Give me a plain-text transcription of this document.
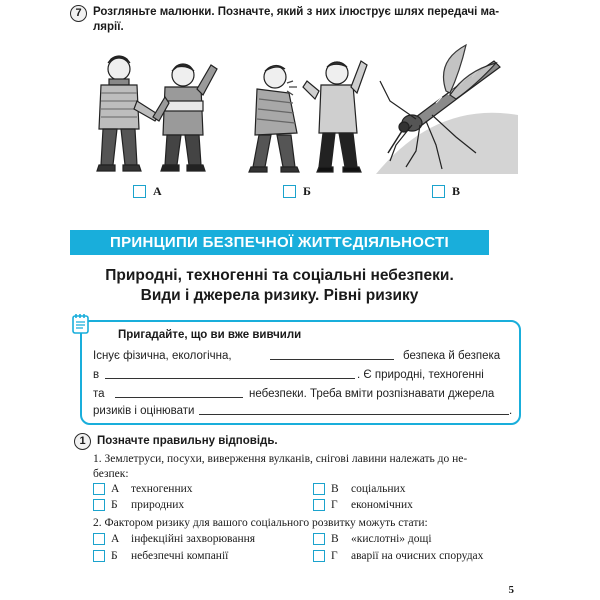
7 Розгляньте малюнки. Позначте, який з них ілюструє шлях передачі ма-
лярії.
А	Б	В
ПРИНЦИПИ БЕЗПЕЧНОЇ ЖИТТЄДІЯЛЬНОСТІ
Природні, техногенні та соціальні небезпеки.
Види і джерела ризику. Рівні ризику
Пригадайте, що ви вже вивчили
Існує фізична, екологічна,	безпека й безпека
в	. Є природні, техногенні
та	небезпеки. Треба вміти розпізнавати джерела
ризиків і оцінювати	.
1 Позначте правильну відповідь.
1. Землетруси, посухи, виверження вулканів, снігові лавини належать до не-
безпек:
А	техногенних
Б	природних
В	соціальних
Г	економічних
2. Фактором ризику для вашого соціального розвитку можуть стати:
А	інфекційні захворювання
Б	небезпечні компанії
В	«кислотні» дощі
Г	аварії на очисних спорудах
5
